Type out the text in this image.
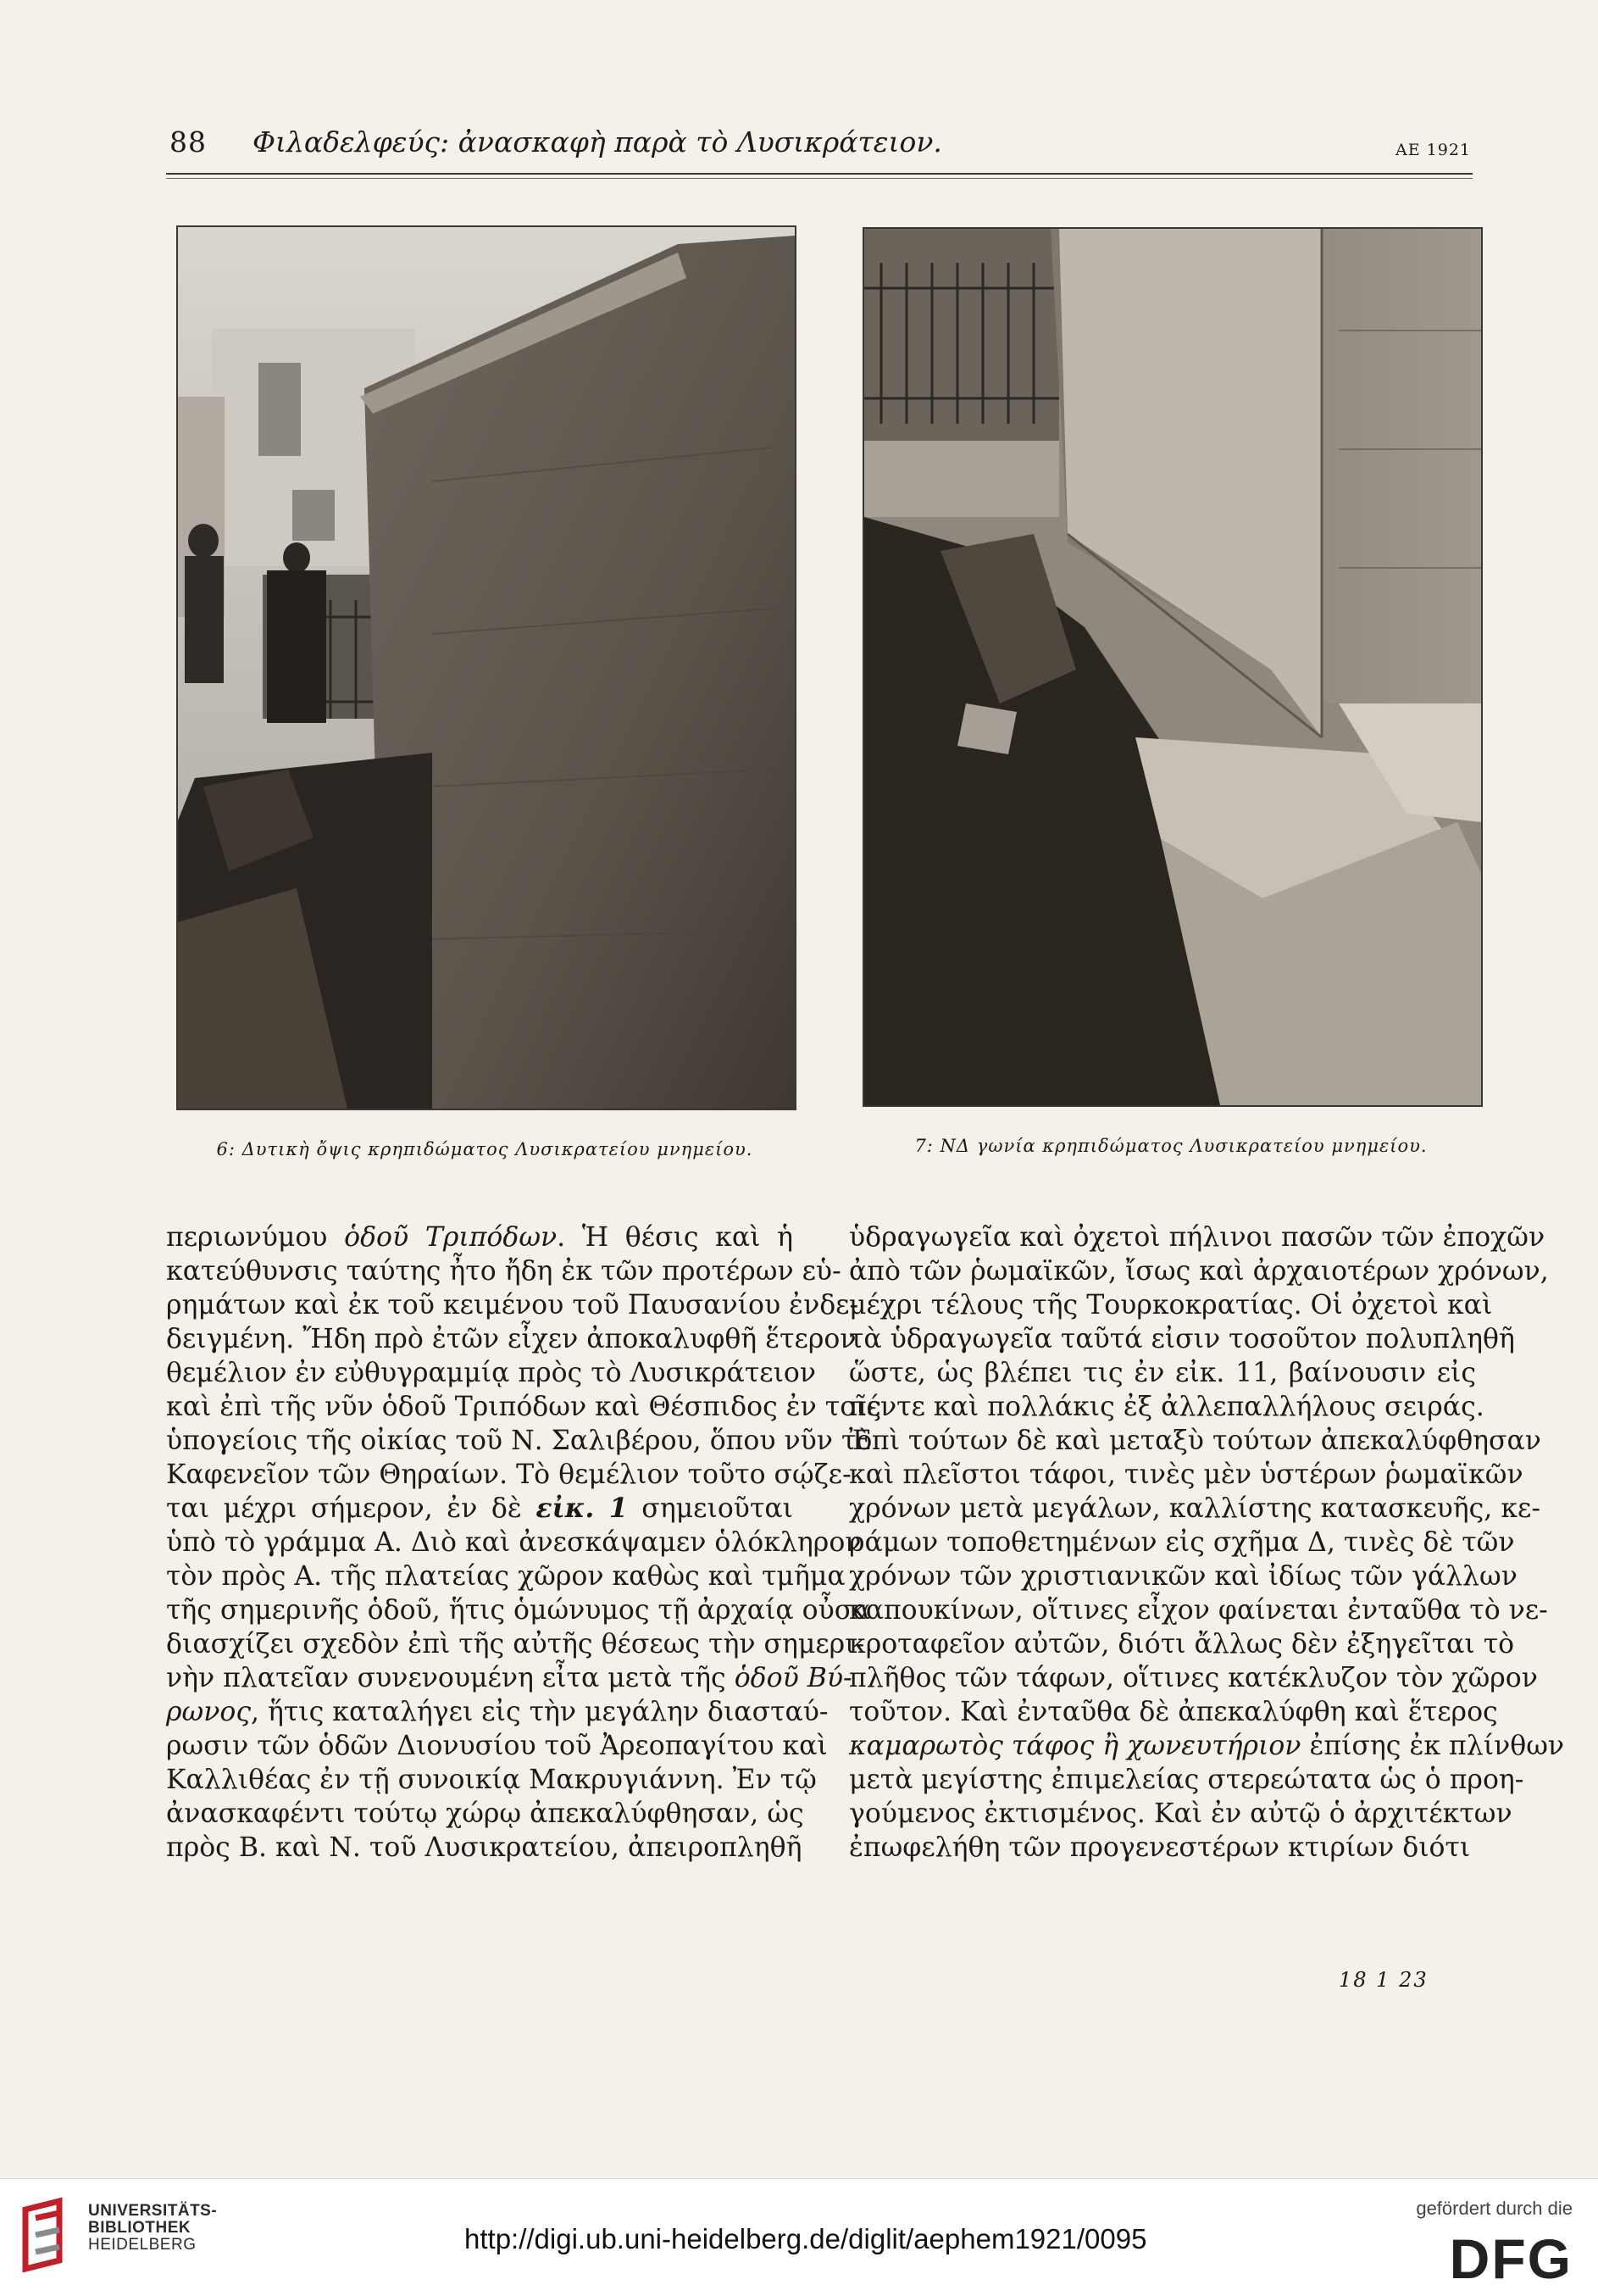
88 Φιλαδελφεύς: ἀνασκαφὴ παρὰ τὸ Λυσικράτειον.	ΑΕ 1921
6: Δυτικὴ ὄψις κρηπιδώματος Λυσικρατείου μνημείου.	7: ΝΔ γωνία κρηπιδώματος Λυσικρατείου μνημείου.

περιωνύμου ὁδοῦ Τριπόδων. Ἡ θέσις καὶ ἡ

κατεύθυνσις ταύτης ἦτο ἤδη ἐκ τῶν προτέρων εὑ-

ρημάτων καὶ ἐκ τοῦ κειμένου τοῦ Παυσανίου ἐνδε-

δειγμένη. Ἤδη πρὸ ἐτῶν εἶχεν ἀποκαλυφθῆ ἕτερον

θεμέλιον ἐν εὐθυγραμμίᾳ πρὸς τὸ Λυσικράτειον

καὶ ἐπὶ τῆς νῦν ὁδοῦ Τριπόδων καὶ Θέσπιδος ἐν τοῖς

ὑπογείοις τῆς οἰκίας τοῦ Ν. Σαλιβέρου, ὅπου νῦν τὸ

Καφενεῖον τῶν Θηραίων. Τὸ θεμέλιον τοῦτο σῴζε-

ται μέχρι σήμερον, ἐν δὲ εἰκ. 1 σημειοῦται

ὑπὸ τὸ γράμμα Α. Διὸ καὶ ἀνεσκάψαμεν ὁλόκληρον

τὸν πρὸς Α. τῆς πλατείας χῶρον καθὼς καὶ τμῆμα

τῆς σημερινῆς ὁδοῦ, ἥτις ὁμώνυμος τῇ ἀρχαίᾳ οὖσα

διασχίζει σχεδὸν ἐπὶ τῆς αὐτῆς θέσεως τὴν σημερι-

νὴν πλατεῖαν συνενουμένη εἶτα μετὰ τῆς ὁδοῦ Βύ-

ρωνος, ἥτις καταλήγει εἰς τὴν μεγάλην διασταύ-

ρωσιν τῶν ὁδῶν Διονυσίου τοῦ Ἀρεοπαγίτου καὶ

Καλλιθέας ἐν τῇ συνοικίᾳ Μακρυγιάννη. Ἐν τῷ

ἀνασκαφέντι τούτῳ χώρῳ ἀπεκαλύφθησαν, ὡς

πρὸς Β. καὶ Ν. τοῦ Λυσικρατείου, ἀπειροπληθῆ

ὑδραγωγεῖα καὶ ὀχετοὶ πήλινοι πασῶν τῶν ἐποχῶν

ἀπὸ τῶν ῥωμαϊκῶν, ἴσως καὶ ἀρχαιοτέρων χρόνων,

μέχρι τέλους τῆς Τουρκοκρατίας. Οἱ ὀχετοὶ καὶ

τὰ ὑδραγωγεῖα ταῦτά εἰσιν τοσοῦτον πολυπληθῆ

ὥστε, ὡς βλέπει τις ἐν εἰκ. 11, βαίνουσιν εἰς

πέντε καὶ πολλάκις ἐξ ἀλλεπαλλήλους σειράς.

Ἐπὶ τούτων δὲ καὶ μεταξὺ τούτων ἀπεκαλύφθησαν

καὶ πλεῖστοι τάφοι, τινὲς μὲν ὑστέρων ῥωμαϊκῶν

χρόνων μετὰ μεγάλων, καλλίστης κατασκευῆς, κε-

ράμων τοποθετημένων εἰς σχῆμα Δ, τινὲς δὲ τῶν

χρόνων τῶν χριστιανικῶν καὶ ἰδίως τῶν γάλλων

καπουκίνων, οἵτινες εἶχον φαίνεται ἐνταῦθα τὸ νε-

κροταφεῖον αὐτῶν, διότι ἄλλως δὲν ἐξηγεῖται τὸ

πλῆθος τῶν τάφων, οἵτινες κατέκλυζον τὸν χῶρον

τοῦτον. Καὶ ἐνταῦθα δὲ ἀπεκαλύφθη καὶ ἕτερος

καμαρωτὸς τάφος ἢ χωνευτήριον ἐπίσης ἐκ πλίνθων

μετὰ μεγίστης ἐπιμελείας στερεώτατα ὡς ὁ προη-

γούμενος ἐκτισμένος. Καὶ ἐν αὐτῷ ὁ ἀρχιτέκτων

ἐπωφελήθη τῶν προγενεστέρων κτιρίων διότι

18 1 23
UNIVERSITÄTS-
BIBLIOTHEK
HEIDELBERG	http://digi.ub.uni-heidelberg.de/diglit/aephem1921/0095
gefördert durch die
DFG
